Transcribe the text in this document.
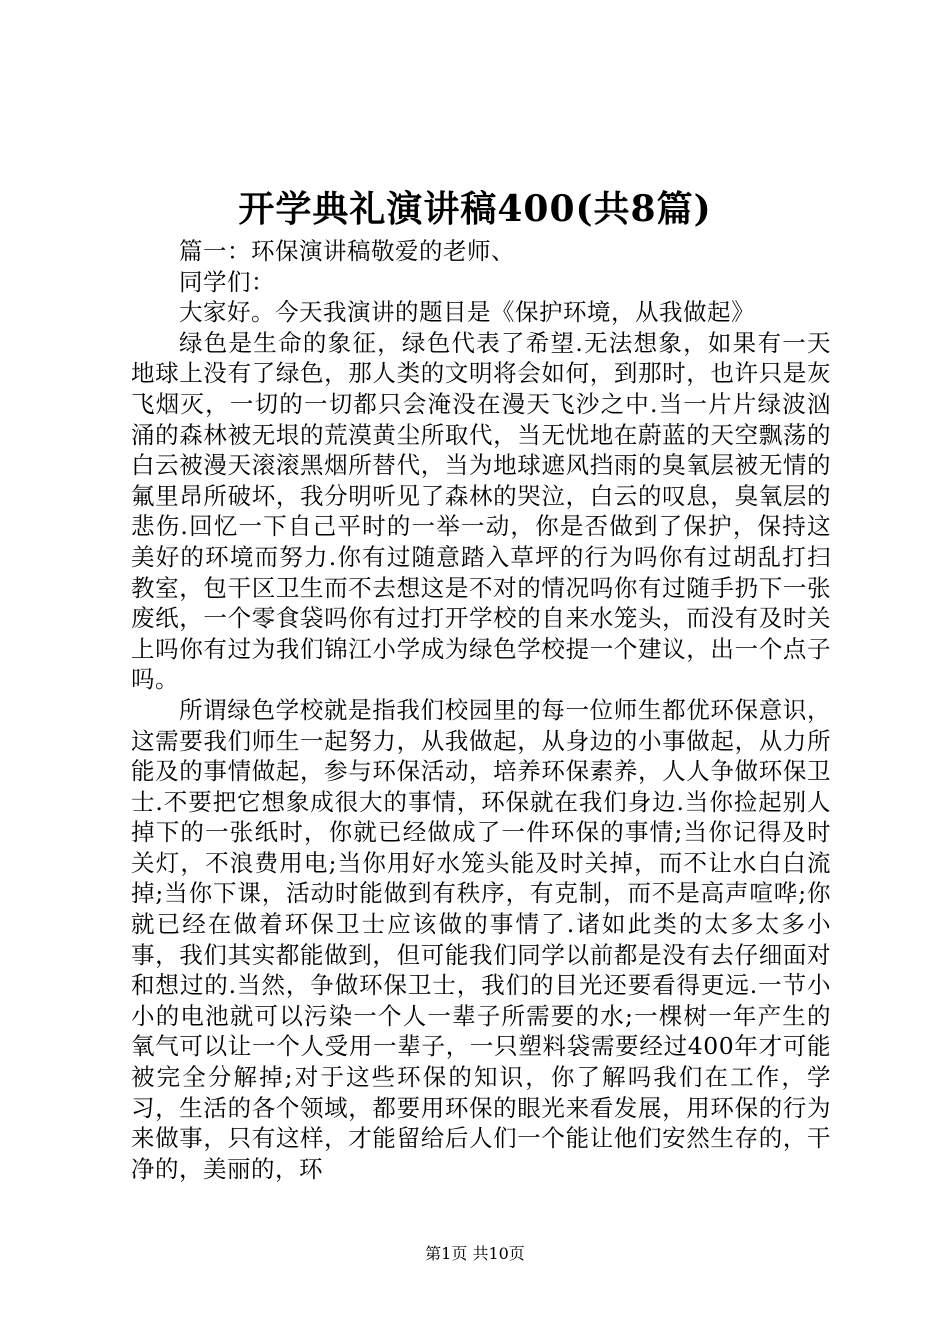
开学典礼演讲稿400(共8篇)

篇一：环保演讲稿敬爱的老师、

同学们：

大家好。今天我演讲的题目是《保护环境，从我做起》

绿色是生命的象征，绿色代表了希望.无法想象，如果有一天地球上没有了绿色，那人类的文明将会如何，到那时，也许只是灰飞烟灭，一切的一切都只会淹没在漫天飞沙之中.当一片片绿波汹涌的森林被无垠的荒漠黄尘所取代，当无忧地在蔚蓝的天空飘荡的白云被漫天滚滚黑烟所替代，当为地球遮风挡雨的臭氧层被无情的氟里昂所破坏，我分明听见了森林的哭泣，白云的叹息，臭氧层的悲伤.回忆一下自己平时的一举一动，你是否做到了保护，保持这美好的环境而努力.你有过随意踏入草坪的行为吗你有过胡乱打扫教室，包干区卫生而不去想这是不对的情况吗你有过随手扔下一张废纸，一个零食袋吗你有过打开学校的自来水笼头，而没有及时关上吗你有过为我们锦江小学成为绿色学校提一个建议，出一个点子吗。

所谓绿色学校就是指我们校园里的每一位师生都优环保意识，这需要我们师生一起努力，从我做起，从身边的小事做起，从力所能及的事情做起，参与环保活动，培养环保素养，人人争做环保卫士.不要把它想象成很大的事情，环保就在我们身边.当你捡起别人掉下的一张纸时，你就已经做成了一件环保的事情;当你记得及时关灯，不浪费用电;当你用好水笼头能及时关掉，而不让水白白流掉;当你下课，活动时能做到有秩序，有克制，而不是高声喧哗;你就已经在做着环保卫士应该做的事情了.诸如此类的太多太多小事，我们其实都能做到，但可能我们同学以前都是没有去仔细面对和想过的.当然，争做环保卫士，我们的目光还要看得更远.一节小小的电池就可以污染一个人一辈子所需要的水;一棵树一年产生的氧气可以让一个人受用一辈子，一只塑料袋需要经过400年才可能被完全分解掉;对于这些环保的知识，你了解吗我们在工作，学习，生活的各个领域，都要用环保的眼光来看发展，用环保的行为来做事，只有这样，才能留给后人们一个能让他们安然生存的，干净的，美丽的，环

第1页 共10页
